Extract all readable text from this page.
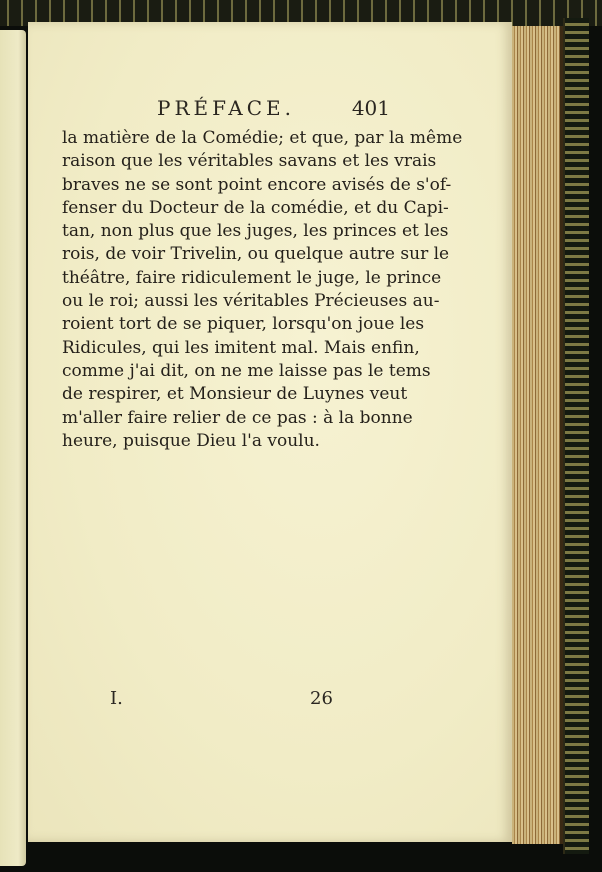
PRÉFACE.	401
la matière de la Comédie; et que, par la même
raison que les véritables savans et les vrais
braves ne se sont point encore avisés de s'of-
fenser du Docteur de la comédie, et du Capi-
tan, non plus que les juges, les princes et les
rois, de voir Trivelin, ou quelque autre sur le
théâtre, faire ridiculement le juge, le prince
ou le roi; aussi les véritables Précieuses au-
roient tort de se piquer, lorsqu'on joue les
Ridicules, qui les imitent mal. Mais enfin,
comme j'ai dit, on ne me laisse pas le tems
de respirer, et Monsieur de Luynes veut
m'aller faire relier de ce pas : à la bonne
heure, puisque Dieu l'a voulu.
I.	26
